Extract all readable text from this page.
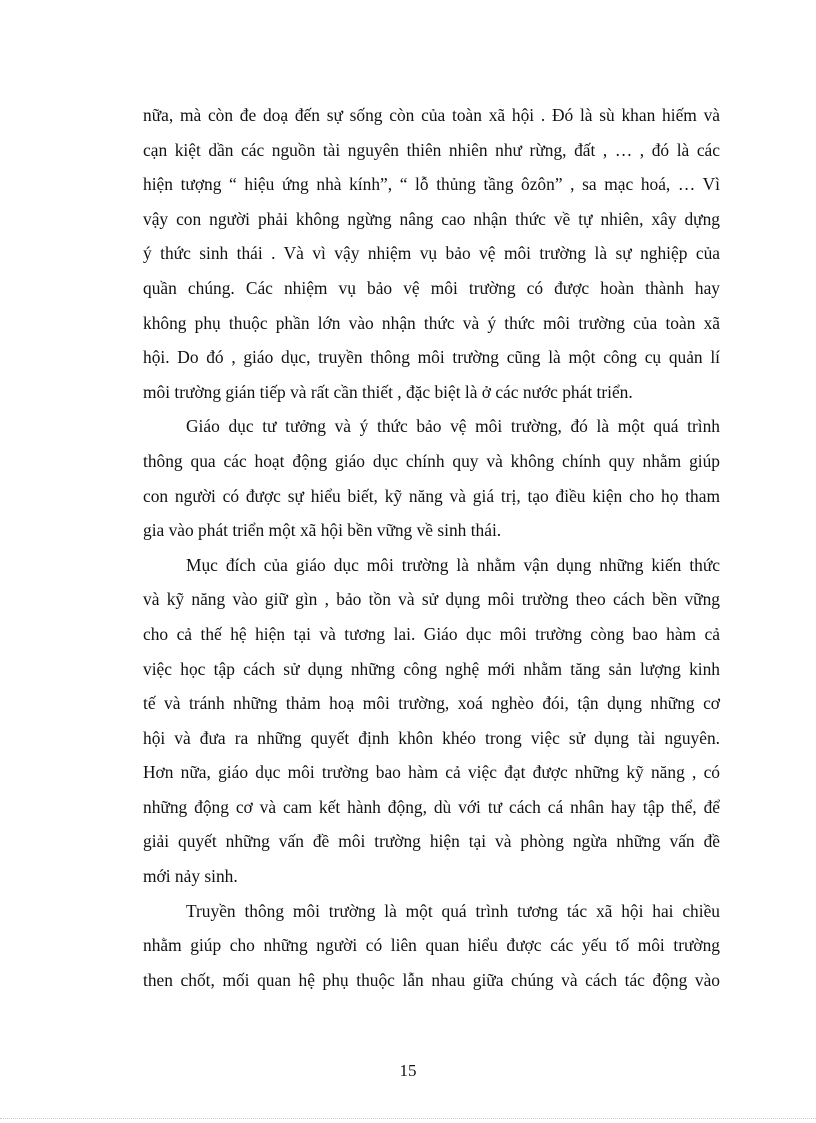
nữa, mà còn đe doạ đến sự sống còn của toàn xã hội . Đó là sù khan hiếm và
cạn kiệt dần các nguồn tài nguyên thiên nhiên như rừng, đất , … , đó là các
hiện tượng “ hiệu ứng nhà kính”, “ lỗ thủng tầng ôzôn” , sa mạc hoá, … Vì
vậy con người phải không ngừng nâng cao nhận thức về tự nhiên, xây dựng
ý thức sinh thái . Và vì vậy nhiệm vụ bảo vệ môi trường là sự nghiệp của
quần chúng. Các nhiệm vụ bảo vệ môi trường có được hoàn thành hay
không phụ thuộc phần lớn vào nhận thức và ý thức môi trường của toàn xã
hội. Do đó , giáo dục, truyền thông môi trường cũng là một công cụ quản lí
môi trường gián tiếp và rất cần thiết , đặc biệt là ở các nước phát triển.
Giáo dục tư tưởng và ý thức bảo vệ môi trường, đó là một quá trình
thông qua các hoạt động giáo dục chính quy và không chính quy nhằm giúp
con người có được sự hiểu biết, kỹ năng và giá trị, tạo điều kiện cho họ tham
gia vào phát triển một xã hội bền vững về sinh thái.
Mục đích của giáo dục môi trường là nhằm vận dụng những kiến thức
và kỹ năng vào giữ gìn , bảo tồn và sử dụng môi trường theo cách bền vững
cho cả thế hệ hiện tại và tương lai. Giáo dục môi trường còng bao hàm cả
việc học tập cách sử dụng những công nghệ mới nhằm tăng sản lượng kinh
tế và tránh những thảm hoạ môi trường, xoá nghèo đói, tận dụng những cơ
hội và đưa ra những quyết định khôn khéo trong việc sử dụng tài nguyên.
Hơn nữa, giáo dục môi trường bao hàm cả việc đạt được những kỹ năng , có
những động cơ và cam kết hành động, dù với tư cách cá nhân hay tập thể, để
giải quyết những vấn đề môi trường hiện tại và phòng ngừa những vấn đề
mới nảy sinh.
Truyền thông môi trường là một quá trình tương tác xã hội hai chiều
nhằm giúp cho những người có liên quan hiểu được các yếu tố môi trường
then chốt, mối quan hệ phụ thuộc lẫn nhau giữa chúng và cách tác động vào
15
